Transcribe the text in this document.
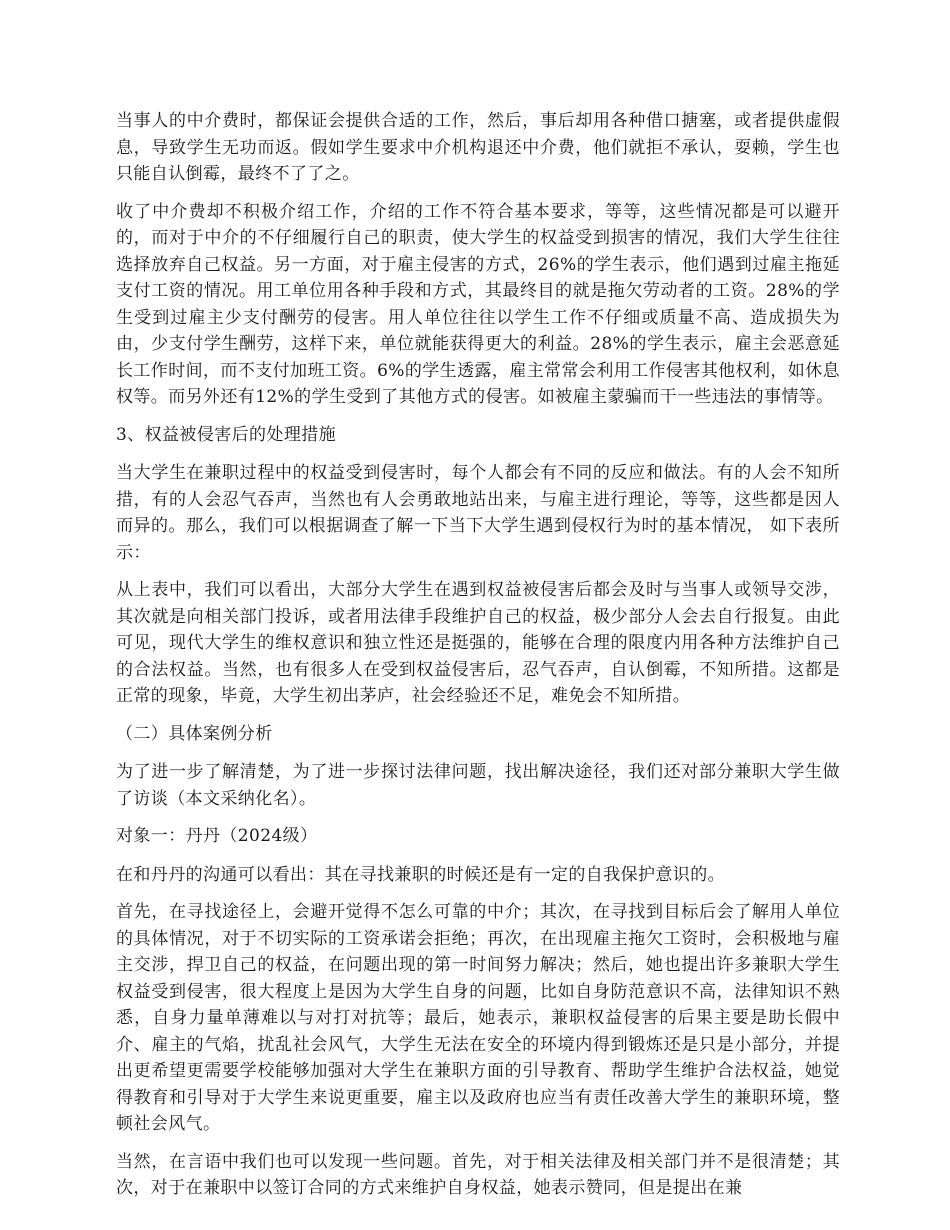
当事人的中介费时，都保证会提供合适的工作，然后，事后却用各种借口搪塞，或者提供虚假息，导致学生无功而返。假如学生要求中介机构退还中介费，他们就拒不承认，耍赖，学生也只能自认倒霉，最终不了了之。

收了中介费却不积极介绍工作，介绍的工作不符合基本要求，等等，这些情况都是可以避开的，而对于中介的不仔细履行自己的职责，使大学生的权益受到损害的情况，我们大学生往往选择放弃自己权益。另一方面，对于雇主侵害的方式，26%的学生表示，他们遇到过雇主拖延支付工资的情况。用工单位用各种手段和方式，其最终目的就是拖欠劳动者的工资。28%的学生受到过雇主少支付酬劳的侵害。用人单位往往以学生工作不仔细或质量不高、造成损失为由，少支付学生酬劳，这样下来，单位就能获得更大的利益。28%的学生表示，雇主会恶意延长工作时间，而不支付加班工资。6%的学生透露，雇主常常会利用工作侵害其他权利，如休息权等。而另外还有12%的学生受到了其他方式的侵害。如被雇主蒙骗而干一些违法的事情等。

3、权益被侵害后的处理措施

当大学生在兼职过程中的权益受到侵害时，每个人都会有不同的反应和做法。有的人会不知所措，有的人会忍气吞声，当然也有人会勇敢地站出来，与雇主进行理论，等等，这些都是因人而异的。那么，我们可以根据调查了解一下当下大学生遇到侵权行为时的基本情况， 如下表所示：

从上表中，我们可以看出，大部分大学生在遇到权益被侵害后都会及时与当事人或领导交涉，其次就是向相关部门投诉，或者用法律手段维护自己的权益，极少部分人会去自行报复。由此可见，现代大学生的维权意识和独立性还是挺强的，能够在合理的限度内用各种方法维护自己的合法权益。当然，也有很多人在受到权益侵害后，忍气吞声，自认倒霉，不知所措。这都是正常的现象，毕竟，大学生初出茅庐，社会经验还不足，难免会不知所措。

（二）具体案例分析

为了进一步了解清楚，为了进一步探讨法律问题，找出解决途径，我们还对部分兼职大学生做了访谈（本文采纳化名）。

对象一：丹丹（2024级）

在和丹丹的沟通可以看出：其在寻找兼职的时候还是有一定的自我保护意识的。

首先，在寻找途径上，会避开觉得不怎么可靠的中介；其次，在寻找到目标后会了解用人单位的具体情况，对于不切实际的工资承诺会拒绝；再次，在出现雇主拖欠工资时，会积极地与雇主交涉，捍卫自己的权益，在问题出现的第一时间努力解决；然后，她也提出许多兼职大学生权益受到侵害，很大程度上是因为大学生自身的问题，比如自身防范意识不高，法律知识不熟悉，自身力量单薄难以与对打对抗等；最后，她表示，兼职权益侵害的后果主要是助长假中介、雇主的气焰，扰乱社会风气，大学生无法在安全的环境内得到锻炼还是只是小部分，并提出更希望更需要学校能够加强对大学生在兼职方面的引导教育、帮助学生维护合法权益，她觉得教育和引导对于大学生来说更重要，雇主以及政府也应当有责任改善大学生的兼职环境，整顿社会风气。

当然，在言语中我们也可以发现一些问题。首先，对于相关法律及相关部门并不是很清楚；其次，对于在兼职中以签订合同的方式来维护自身权益，她表示赞同，但是提出在兼
